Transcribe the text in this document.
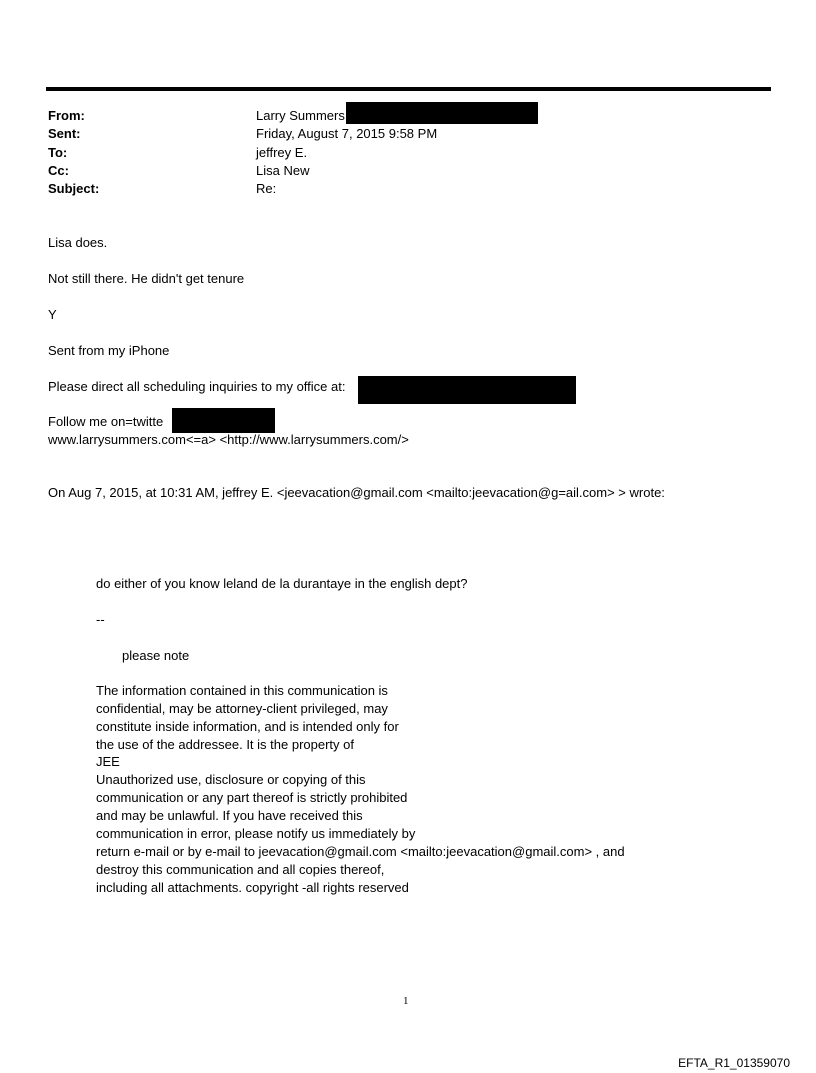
From:	Larry Summers
Sent:	Friday, August 7, 2015 9:58 PM
To:	jeffrey E.
Cc:	Lisa New
Subject:	Re:
Lisa does.
Not still there. He didn't get tenure
Y
Sent from my iPhone
Please direct all scheduling inquiries to my office at:
Follow me on=twitte
www.larrysummers.com<=a> <http://www.larrysummers.com/>
On Aug 7, 2015, at 10:31 AM, jeffrey E. <jeevacation@gmail.com <mailto:jeevacation@g=ail.com> > wrote:
do either of you know leland de la durantaye in the english dept?
--
please note
The information contained in this communication is
confidential, may be attorney-client privileged, may
constitute inside information, and is intended only for
the use of the addressee. It is the property of
JEE
Unauthorized use, disclosure or copying of this
communication or any part thereof is strictly prohibited
and may be unlawful. If you have received this
communication in error, please notify us immediately by
return e-mail or by e-mail to jeevacation@gmail.com <mailto:jeevacation@gmail.com> , and
destroy this communication and all copies thereof,
including all attachments. copyright -all rights reserved
1
EFTA_R1_01359070
